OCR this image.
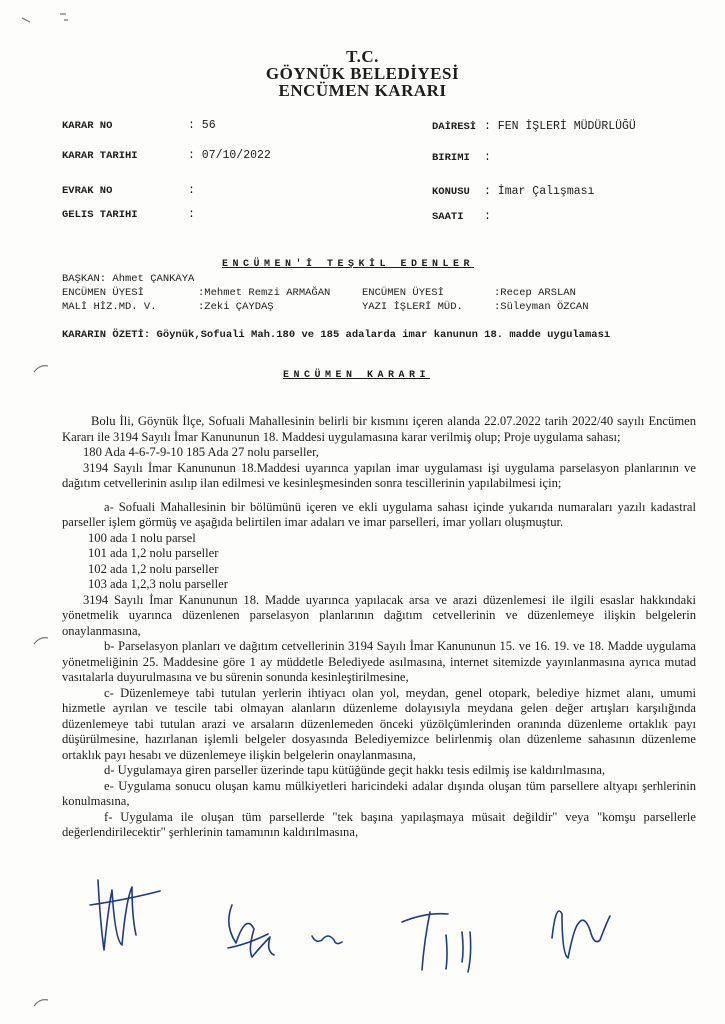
T.C.
GÖYNÜK BELEDİYESİ
ENCÜMEN KARARI
KARAR NO	: 56
KARAR TARIHI	: 07/10/2022
EVRAK NO	:
GELIS TARIHI	:
DAİRESİ : FEN İŞLERİ MÜDÜRLÜĞÜ
BIRIMI :
KONUSU : İmar Çalışması
SAATI :
ENCÜMEN'İ TEŞKİL EDENLER
BAŞKAN: Ahmet ÇANKAYA
ENCÜMEN ÜYESİ	:Mehmet Remzi ARMAĞAN	ENCÜMEN ÜYESİ	:Recep ARSLAN
MALİ HİZ.MD. V.	:Zeki ÇAYDAŞ	YAZI İŞLERİ MÜD.	:Süleyman ÖZCAN
KARARIN ÖZETİ: Göynük,Sofuali Mah.180 ve 185 adalarda imar kanunun 18. madde uygulaması
ENCÜMEN KARARI

Bolu İli, Göynük İlçe, Sofuali Mahallesinin belirli bir kısmını içeren alanda 22.07.2022 tarih 2022/40 sayılı Encümen Kararı ile 3194 Sayılı İmar Kanununun 18. Maddesi uygulamasına karar verilmiş olup; Proje uygulama sahası;

180 Ada 4-6-7-9-10 185 Ada 27 nolu parseller,

3194 Sayılı İmar Kanununun 18.Maddesi uyarınca yapılan imar uygulaması işi uygulama parselasyon planlarının ve dağıtım cetvellerinin asılıp ilan edilmesi ve kesinleşmesinden sonra tescillerinin yapılabilmesi için;

a- Sofuali Mahallesinin bir bölümünü içeren ve ekli uygulama sahası içinde yukarıda numaraları yazılı kadastral parseller işlem görmüş ve aşağıda belirtilen imar adaları ve imar parselleri, imar yolları oluşmuştur.

100 ada 1 nolu parsel

101 ada 1,2 nolu parseller

102 ada 1,2 nolu parseller

103 ada 1,2,3 nolu parseller

3194 Sayılı İmar Kanununun 18. Madde uyarınca yapılacak arsa ve arazi düzenlemesi ile ilgili esaslar hakkındaki yönetmelik uyarınca düzenlenen parselasyon planlarının dağıtım cetvellerinin ve düzenlemeye ilişkin belgelerin onaylanmasına,

b- Parselasyon planları ve dağıtım cetvellerinin 3194 Sayılı İmar Kanununun 15. ve 16. 19. ve 18. Madde uygulama yönetmeliğinin 25. Maddesine göre 1 ay müddetle Belediyede asılmasına, internet sitemizde yayınlanmasına ayrıca mutad vasıtalarla duyurulmasına ve bu sürenin sonunda kesinleştirilmesine,

c- Düzenlemeye tabi tutulan yerlerin ihtiyacı olan yol, meydan, genel otopark, belediye hizmet alanı, umumi hizmetle ayrılan ve tescile tabi olmayan alanların düzenleme dolayısıyla meydana gelen değer artışları karşılığında düzenlemeye tabi tutulan arazi ve arsaların düzenlemeden önceki yüzölçümlerinden oranında düzenleme ortaklık payı düşürülmesine, hazırlanan işlemli belgeler dosyasında Belediyemizce belirlenmiş olan düzenleme sahasının düzenleme ortaklık payı hesabı ve düzenlemeye ilişkin belgelerin onaylanmasına,

d- Uygulamaya giren parseller üzerinde tapu kütüğünde geçit hakkı tesis edilmiş ise kaldırılmasına,

e- Uygulama sonucu oluşan kamu mülkiyetleri haricindeki adalar dışında oluşan tüm parsellere altyapı şerhlerinin konulmasına,

f- Uygulama ile oluşan tüm parsellerde "tek başına yapılaşmaya müsait değildir" veya "komşu parsellerle değerlendirilecektir" şerhlerinin tamamının kaldırılmasına,
